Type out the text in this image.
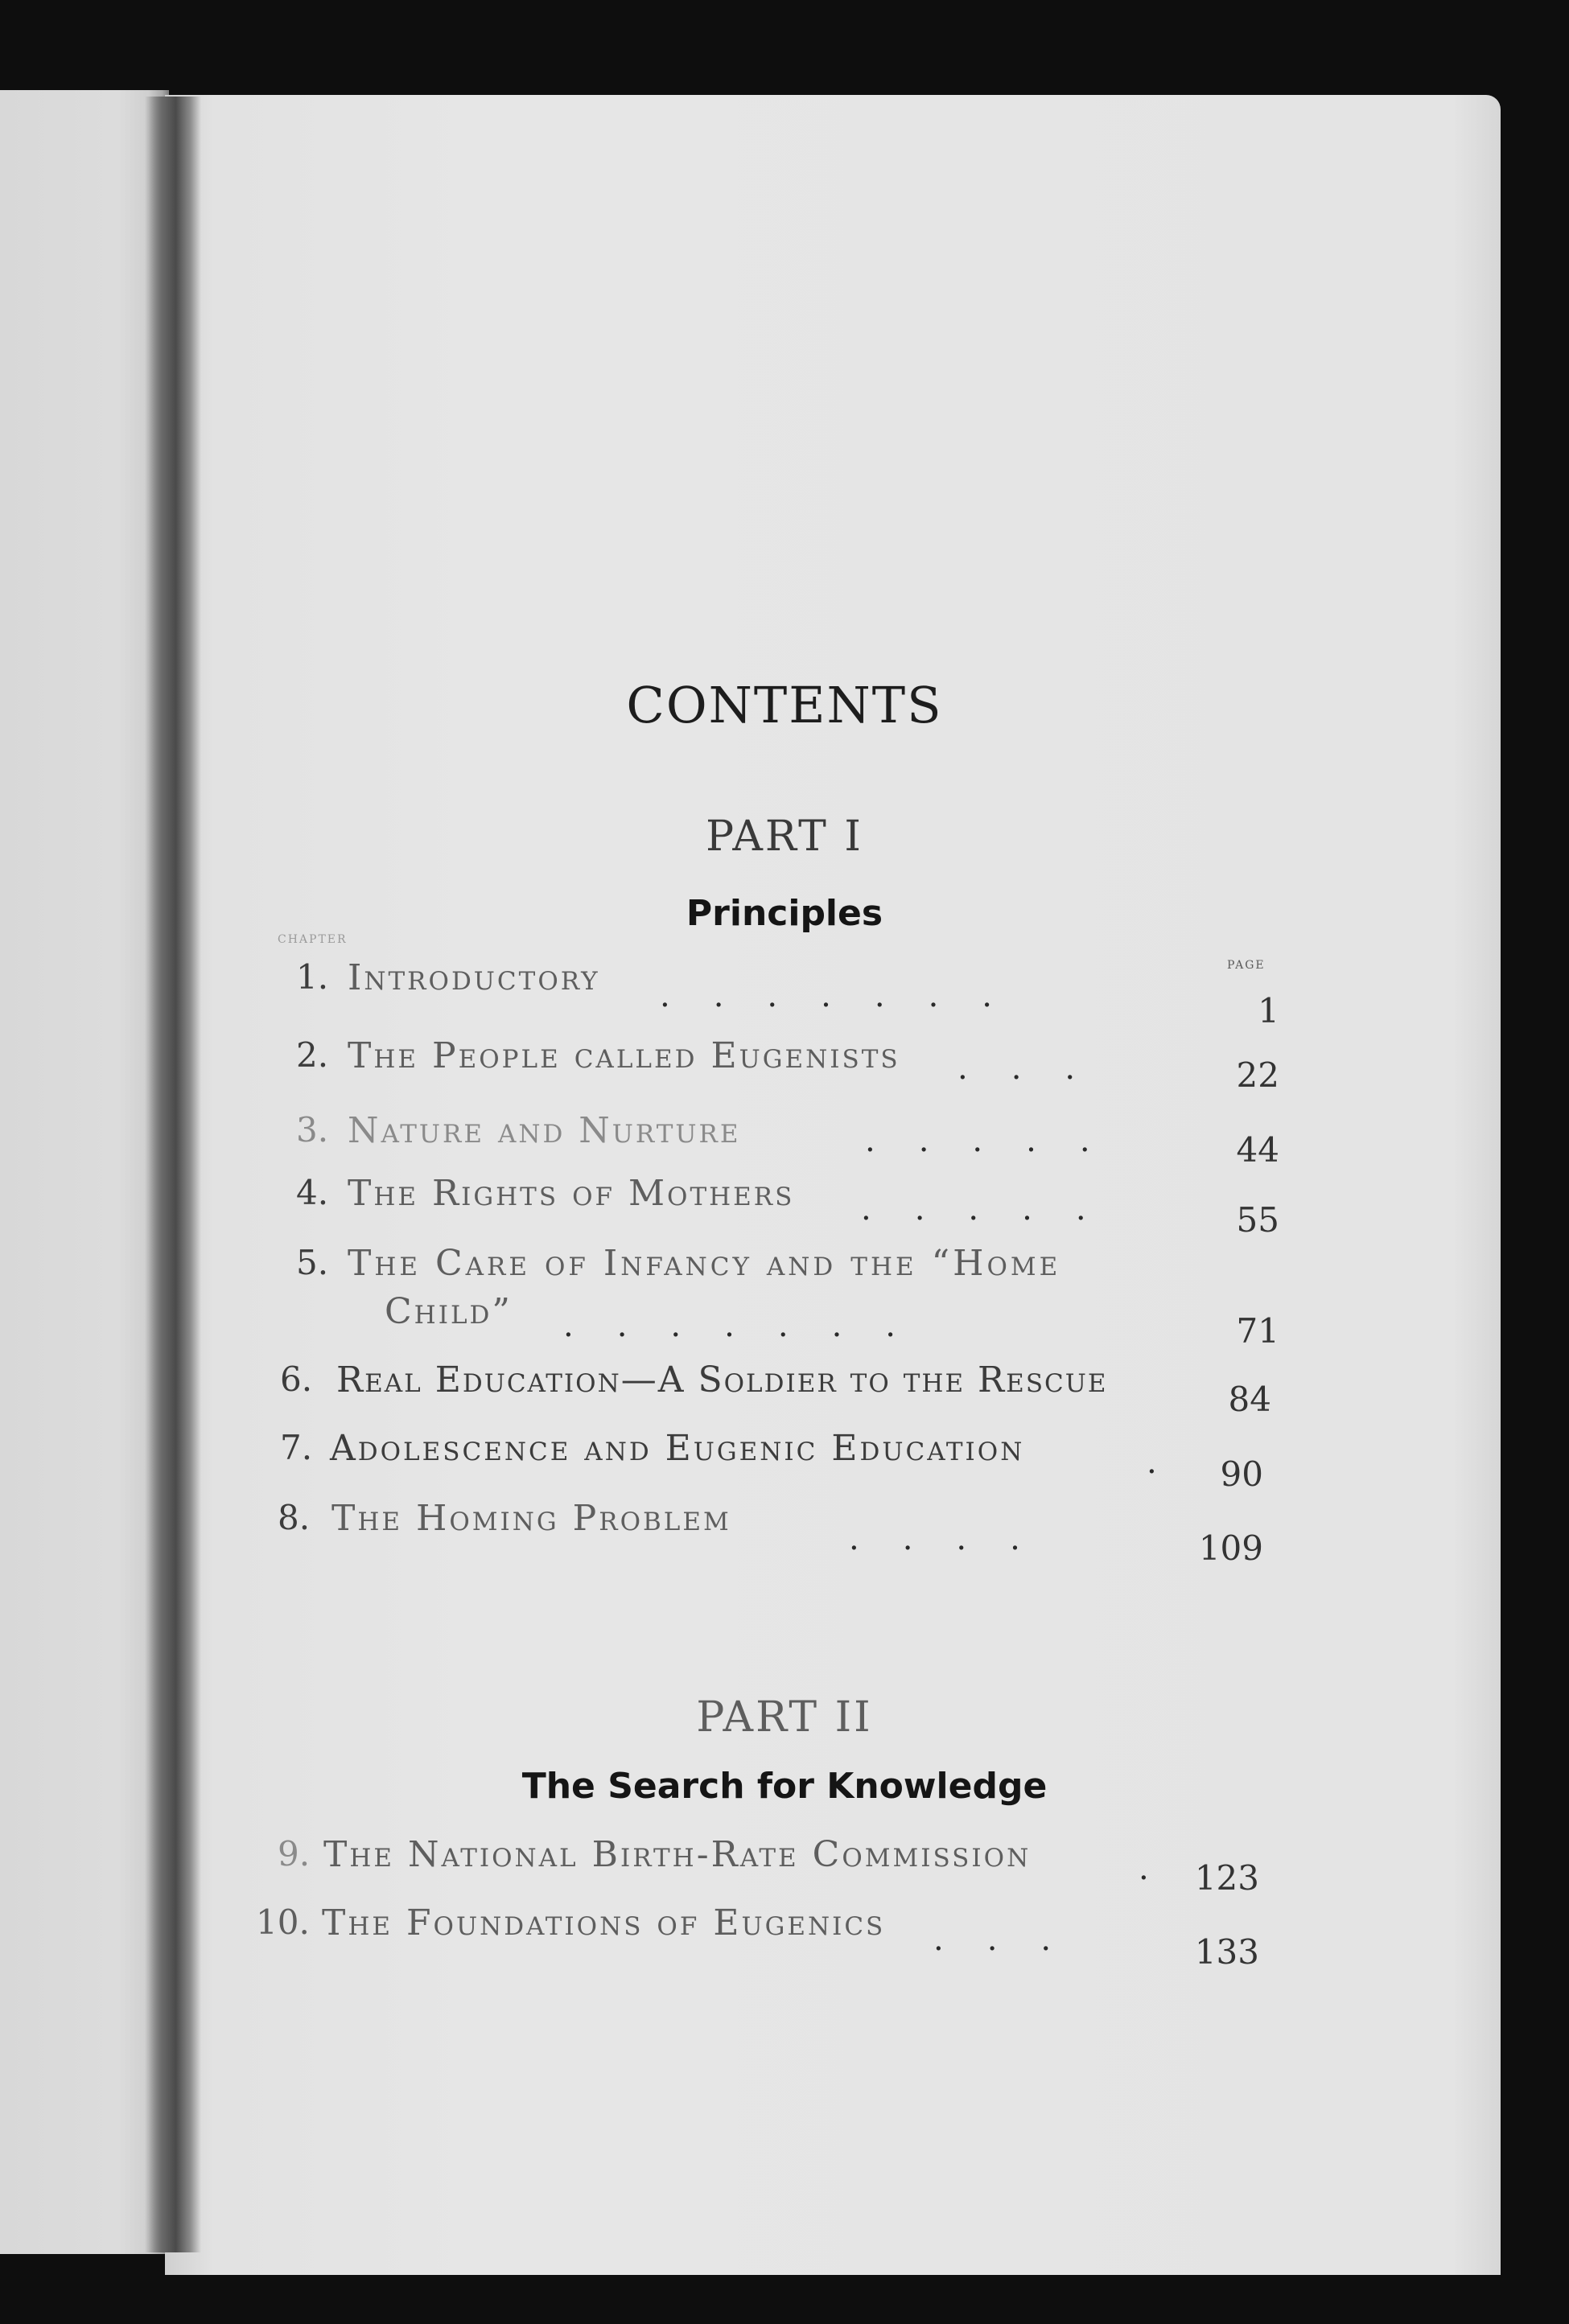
CONTENTS
PART I
Principles
CHAPTER
PAGE
1. Introductory .......	1
2. The People called Eugenists ...	22
3. Nature and Nurture	.....	44
4. The Rights of Mothers .....	55
5. The Care of Infancy and the “Home
Child” .......	71
6. Real Education—A Soldier to the Rescue	84
7. Adolescence and Eugenic Education	. 90
8. The Homing Problem	....	109
PART II
The Search for Knowledge
9. The National Birth-Rate Commission	. 123
10. The Foundations of Eugenics ...	133
